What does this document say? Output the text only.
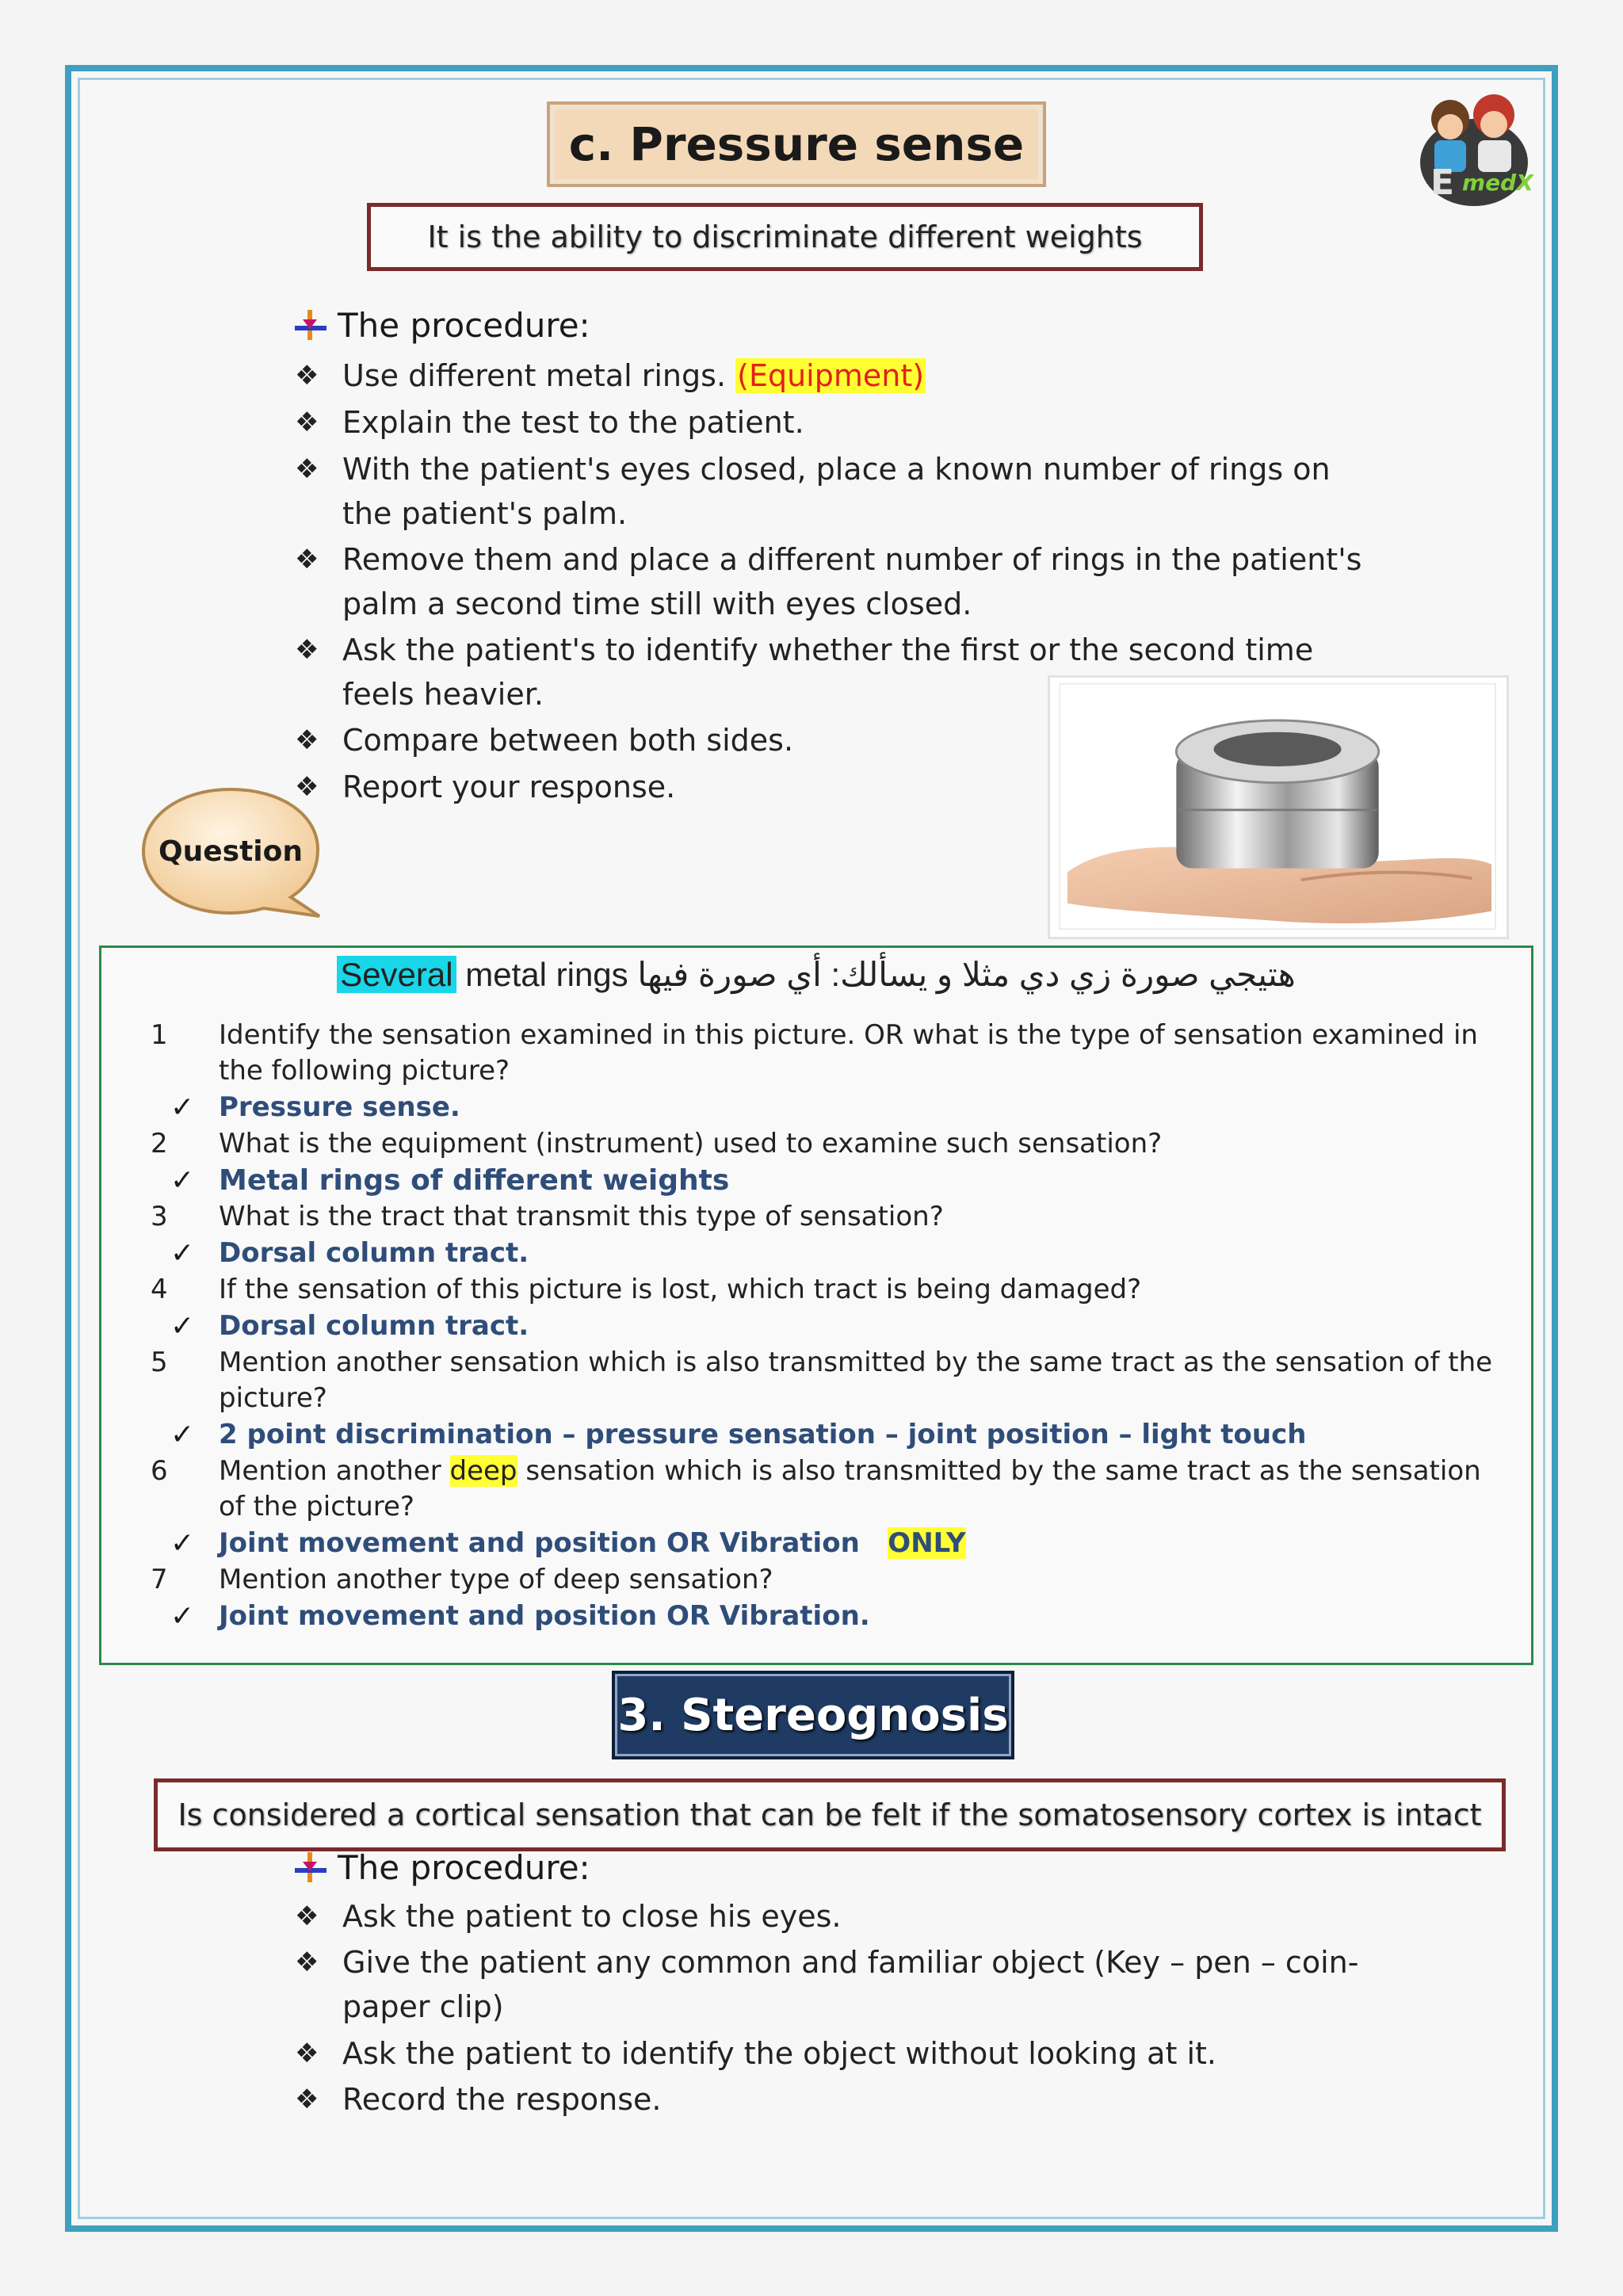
E medX
c. Pressure sense
It is the ability to discriminate different weights
The procedure:
❖ Use different metal rings. (Equipment)
❖ Explain the test to the patient.
❖ With the patient's eyes closed, place a known number of rings on the patient's palm.
❖ Remove them and place a different number of rings in the patient's palm a second time still with eyes closed.
❖ Ask the patient's to identify whether the first or the second time feels heavier.
❖ Compare between both sides.
❖ Report your response.
Question
Several metal rings هتيجي صورة زي دي مثلا و يسألك: أي صورة فيها
1 Identify the sensation examined in this picture. OR what is the type of sensation examined in the following picture?
✓ Pressure sense.
2 What is the equipment (instrument) used to examine such sensation?
✓ Metal rings of different weights
3 What is the tract that transmit this type of sensation?
✓ Dorsal column tract.
4 If the sensation of this picture is lost, which tract is being damaged?
✓ Dorsal column tract.
5 Mention another sensation which is also transmitted by the same tract as the sensation of the picture?
✓ 2 point discrimination – pressure sensation – joint position – light touch
6 Mention another deep sensation which is also transmitted by the same tract as the sensation of the picture?
✓ Joint movement and position OR Vibration ONLY
7 Mention another type of deep sensation?
✓ Joint movement and position OR Vibration.
3. Stereognosis
Is considered a cortical sensation that can be felt if the somatosensory cortex is intact
The procedure:
❖ Ask the patient to close his eyes.
❖ Give the patient any common and familiar object (Key – pen – coin-paper clip)
❖ Ask the patient to identify the object without looking at it.
❖ Record the response.
